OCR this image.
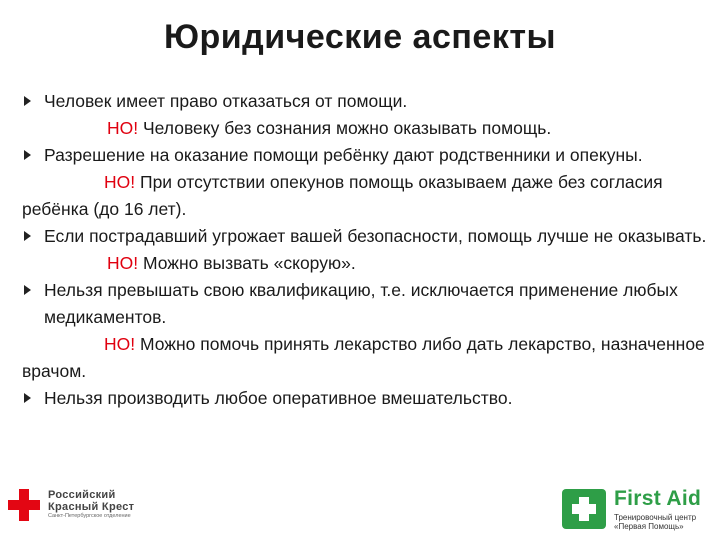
Юридические аспекты
Человек имеет право отказаться от помощи.
НО! Человеку без сознания можно оказывать помощь.
Разрешение на оказание помощи ребёнку дают родственники и опекуны.
НО! При отсутствии опекунов помощь оказываем даже без согласия ребёнка (до 16 лет).
Если пострадавший угрожает вашей безопасности, помощь лучше не оказывать.
НО! Можно вызвать «скорую».
Нельзя превышать свою квалификацию, т.е. исключается применение любых медикаментов.
НО! Можно помочь принять лекарство либо дать лекарство, назначенное врачом.
Нельзя производить любое оперативное вмешательство.
Российский
Красный Крест
Санкт-Петербургское отделение
First Aid
Тренировочный центр
«Первая Помощь»
